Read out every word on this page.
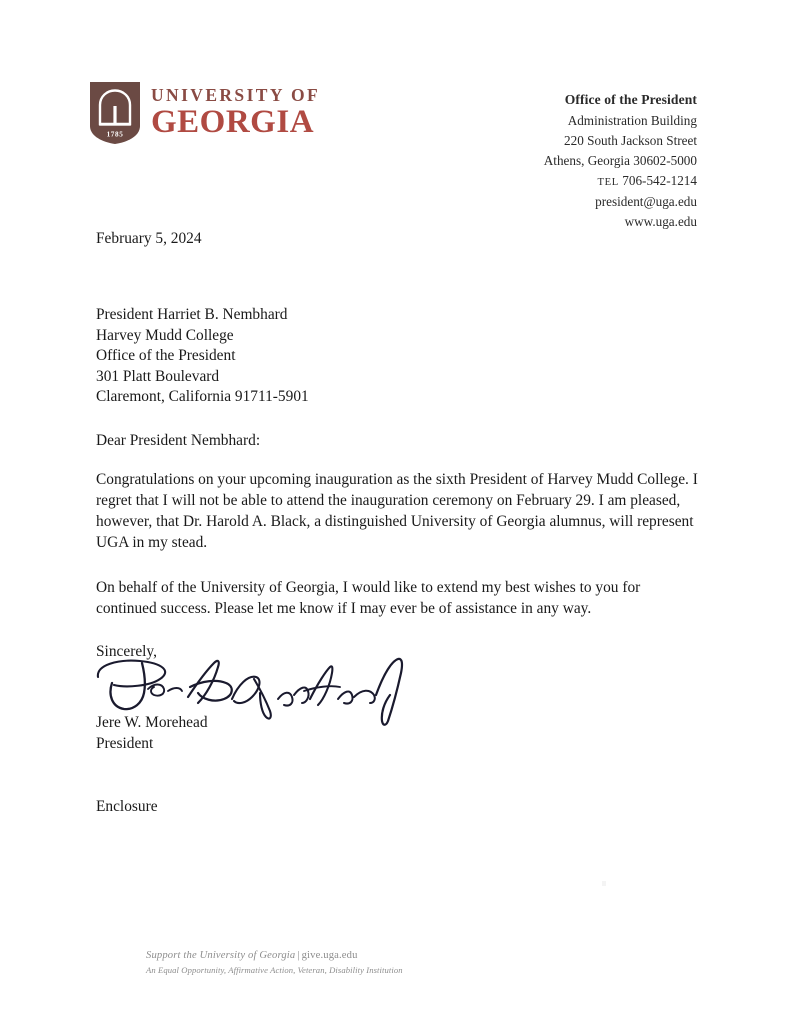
1785
UNIVERSITY OF
GEORGIA
Office of the President
Administration Building
220 South Jackson Street
Athens, Georgia 30602-5000
TEL 706-542-1214
president@uga.edu
www.uga.edu
February 5, 2024
President Harriet B. Nembhard
Harvey Mudd College
Office of the President
301 Platt Boulevard
Claremont, California 91711-5901
Dear President Nembhard:
Congratulations on your upcoming inauguration as the sixth President of Harvey Mudd College. I regret that I will not be able to attend the inauguration ceremony on February 29. I am pleased, however, that Dr. Harold A. Black, a distinguished University of Georgia alumnus, will represent UGA in my stead.
On behalf of the University of Georgia, I would like to extend my best wishes to you for continued success. Please let me know if I may ever be of assistance in any way.
Sincerely,
Jere W. Morehead
President
Enclosure
Support the University of Georgia | give.uga.edu
An Equal Opportunity, Affirmative Action, Veteran, Disability Institution
